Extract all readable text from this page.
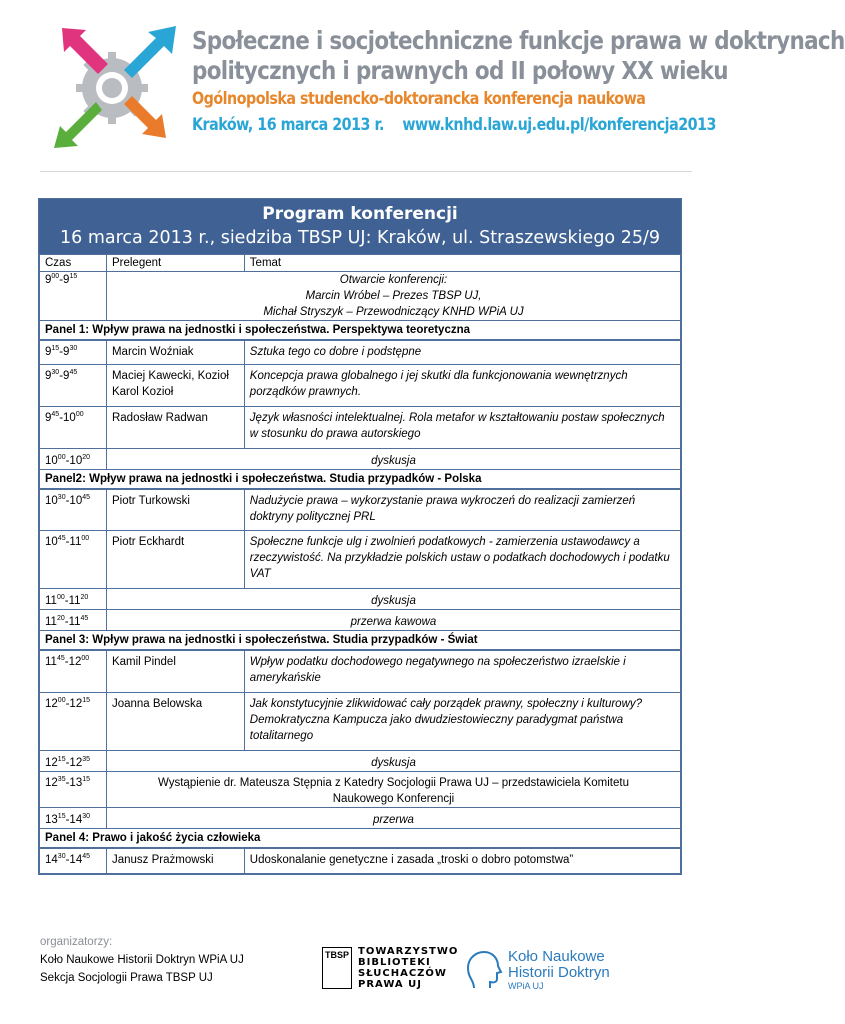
Społeczne i socjotechniczne funkcje prawa w doktrynach
politycznych i prawnych od II połowy XX wieku
Ogólnopolska studencko-doktorancka konferencja naukowa
Kraków, 16 marca 2013 r. www.knhd.law.uj.edu.pl/konferencja2013
Program konferencji
16 marca 2013 r., siedziba TBSP UJ: Kraków, ul. Straszewskiego 25/9
Czas	Prelegent	Temat
$9^{00}-9^{15}$	Otwarcie konferencji:
Marcin Wróbel – Prezes TBSP UJ,
Michał Stryszyk – Przewodniczący KNHD WPiA UJ	

Panel 1: Wpływ prawa na jednostki i społeczeństwa. Perspektywa teoretyczna		
$9^{15}-9^{30}$	Marcin Woźniak	Sztuka tego co dobre i podstępne
$9^{30}-9^{45}$	Maciej Kawecki, Kozioł Karol Kozioł	Koncepcja prawa globalnego i jej skutki dla funkcjonowania wewnętrznych porządków prawnych.
$9^{45}-10^{00}$	Radosław Radwan	Język własności intelektualnej. Rola metafor w kształtowaniu postaw społecznych w stosunku do prawa autorskiego
$10^{00}-10^{20}$	dyskusja	
Panel2: Wpływ prawa na jednostki i społeczeństwa. Studia przypadków - Polska		
$10^{30}-10^{45}$	Piotr Turkowski	Nadużycie prawa – wykorzystanie prawa wykroczeń do realizacji zamierzeń doktryny politycznej PRL
$10^{45}-11^{00}$	Piotr Eckhardt	Społeczne funkcje ulg i zwolnień podatkowych - zamierzenia ustawodawcy a rzeczywistość. Na przykładzie polskich ustaw o podatkach dochodowych i podatku VAT
$11^{00}-11^{20}$	dyskusja	
$11^{20}-11^{45}$	przerwa kawowa	
Panel 3: Wpływ prawa na jednostki i społeczeństwa. Studia przypadków - Świat		
$11^{45}-12^{00}$	Kamil Pindel	Wpływ podatku dochodowego negatywnego na społeczeństwo izraelskie i amerykańskie
$12^{00}-12^{15}$	Joanna Belowska	Jak konstytucyjnie zlikwidować cały porządek prawny, społeczny i kulturowy? Demokratyczna Kampucza jako dwudziestowieczny paradygmat państwa totalitarnego
$12^{15}-12^{35}$	dyskusja	
$12^{35}-13^{15}$	Wystąpienie dr. Mateusza Stępnia z Katedry Socjologii Prawa UJ – przedstawiciela Komitetu Naukowego Konferencji	
$13^{15}-14^{30}$	przerwa	
Panel 4: Prawo i jakość życia człowieka		
$14^{30}-14^{45}$	Janusz Prażmowski	Udoskonalanie genetyczne i zasada „troski o dobro potomstwa”
organizatorzy:
Koło Naukowe Historii Doktryn WPiA UJ
Sekcja Socjologii Prawa TBSP UJ
TBSP TOWARZYSTWO
BIBLIOTEKI
SŁUCHACZÓW
PRAWA UJ
Koło Naukowe
Historii Doktryn
WPiA UJ
